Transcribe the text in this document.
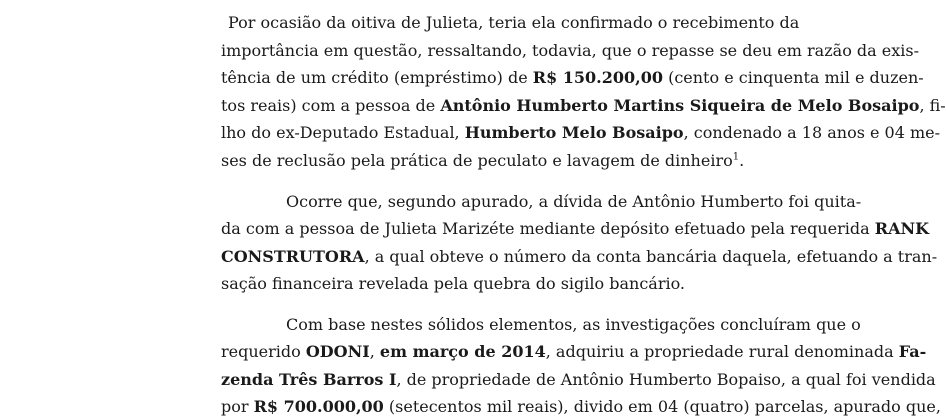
Por ocasião da oitiva de Julieta, teria ela confirmado o recebimento da
importância em questão, ressaltando, todavia, que o repasse se deu em razão da exis-
tência de um crédito (empréstimo) de R$ 150.200,00 (cento e cinquenta mil e duzen-
tos reais) com a pessoa de Antônio Humberto Martins Siqueira de Melo Bosaipo, fi-
lho do ex-Deputado Estadual, Humberto Melo Bosaipo, condenado a 18 anos e 04 me-
ses de reclusão pela prática de peculato e lavagem de dinheiro$^1$.
Ocorre que, segundo apurado, a dívida de Antônio Humberto foi quita-
da com a pessoa de Julieta Marizéte mediante depósito efetuado pela requerida RANK
CONSTRUTORA, a qual obteve o número da conta bancária daquela, efetuando a tran-
sação financeira revelada pela quebra do sigilo bancário.
Com base nestes sólidos elementos, as investigações concluíram que o
requerido ODONI, em março de 2014, adquiriu a propriedade rural denominada Fa-
zenda Três Barros I, de propriedade de Antônio Humberto Bopaiso, a qual foi vendida
por R$ 700.000,00 (setecentos mil reais), divido em 04 (quatro) parcelas, apurado que,
